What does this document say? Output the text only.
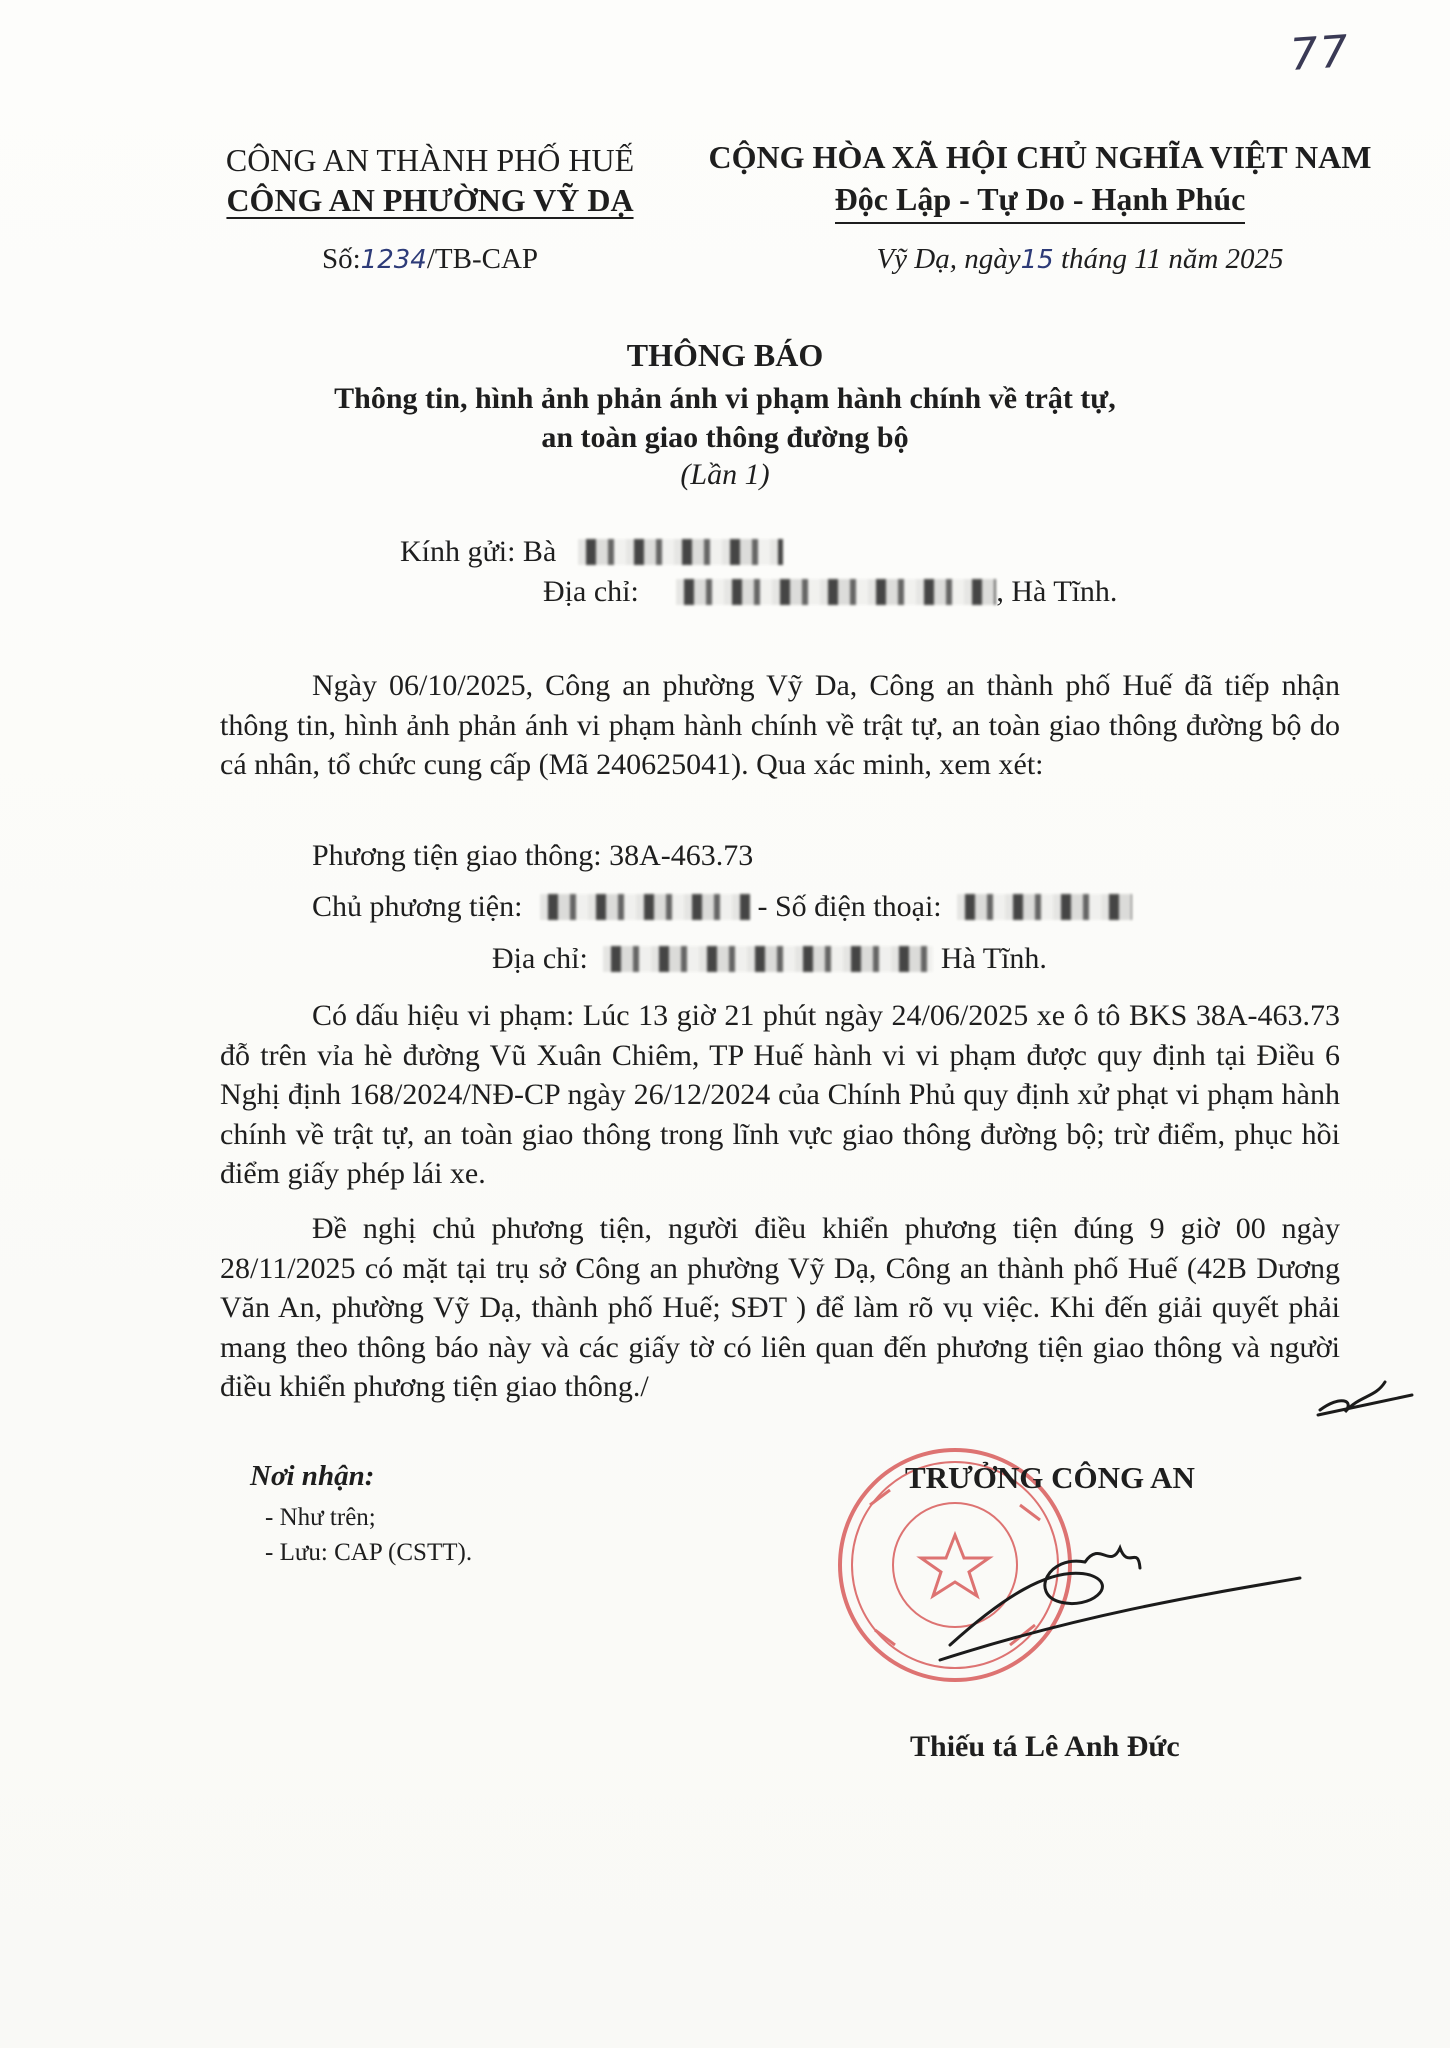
77
CÔNG AN THÀNH PHỐ HUẾ
CÔNG AN PHƯỜNG VỸ DẠ
CỘNG HÒA XÃ HỘI CHỦ NGHĨA VIỆT NAM
Độc Lập - Tự Do - Hạnh Phúc
Số:1234/TB-CAP	Vỹ Dạ, ngày15 tháng 11 năm 2025
THÔNG BÁO
Thông tin, hình ảnh phản ánh vi phạm hành chính về trật tự,
an toàn giao thông đường bộ
(Lần 1)
Kính gửi: Bà
Địa chỉ:	, Hà Tĩnh.
Ngày 06/10/2025, Công an phường Vỹ Da, Công an thành phố Huế đã tiếp nhận thông tin, hình ảnh phản ánh vi phạm hành chính về trật tự, an toàn giao thông đường bộ do cá nhân, tổ chức cung cấp (Mã 240625041). Qua xác minh, xem xét:
Phương tiện giao thông: 38A-463.73
Chủ phương tiện:	- Số điện thoại:
Địa chỉ:	Hà Tĩnh.
Có dấu hiệu vi phạm: Lúc 13 giờ 21 phút ngày 24/06/2025 xe ô tô BKS 38A-463.73 đỗ trên vỉa hè đường Vũ Xuân Chiêm, TP Huế hành vi vi phạm được quy định tại Điều 6 Nghị định 168/2024/NĐ-CP ngày 26/12/2024 của Chính Phủ quy định xử phạt vi phạm hành chính về trật tự, an toàn giao thông trong lĩnh vực giao thông đường bộ; trừ điểm, phục hồi điểm giấy phép lái xe.
Đề nghị chủ phương tiện, người điều khiển phương tiện đúng 9 giờ 00 ngày 28/11/2025 có mặt tại trụ sở Công an phường Vỹ Dạ, Công an thành phố Huế (42B Dương Văn An, phường Vỹ Dạ, thành phố Huế; SĐT ) để làm rõ vụ việc. Khi đến giải quyết phải mang theo thông báo này và các giấy tờ có liên quan đến phương tiện giao thông và người điều khiển phương tiện giao thông./
Nơi nhận:
- Như trên;
- Lưu: CAP (CSTT).
TRƯỞNG CÔNG AN
Thiếu tá Lê Anh Đức
